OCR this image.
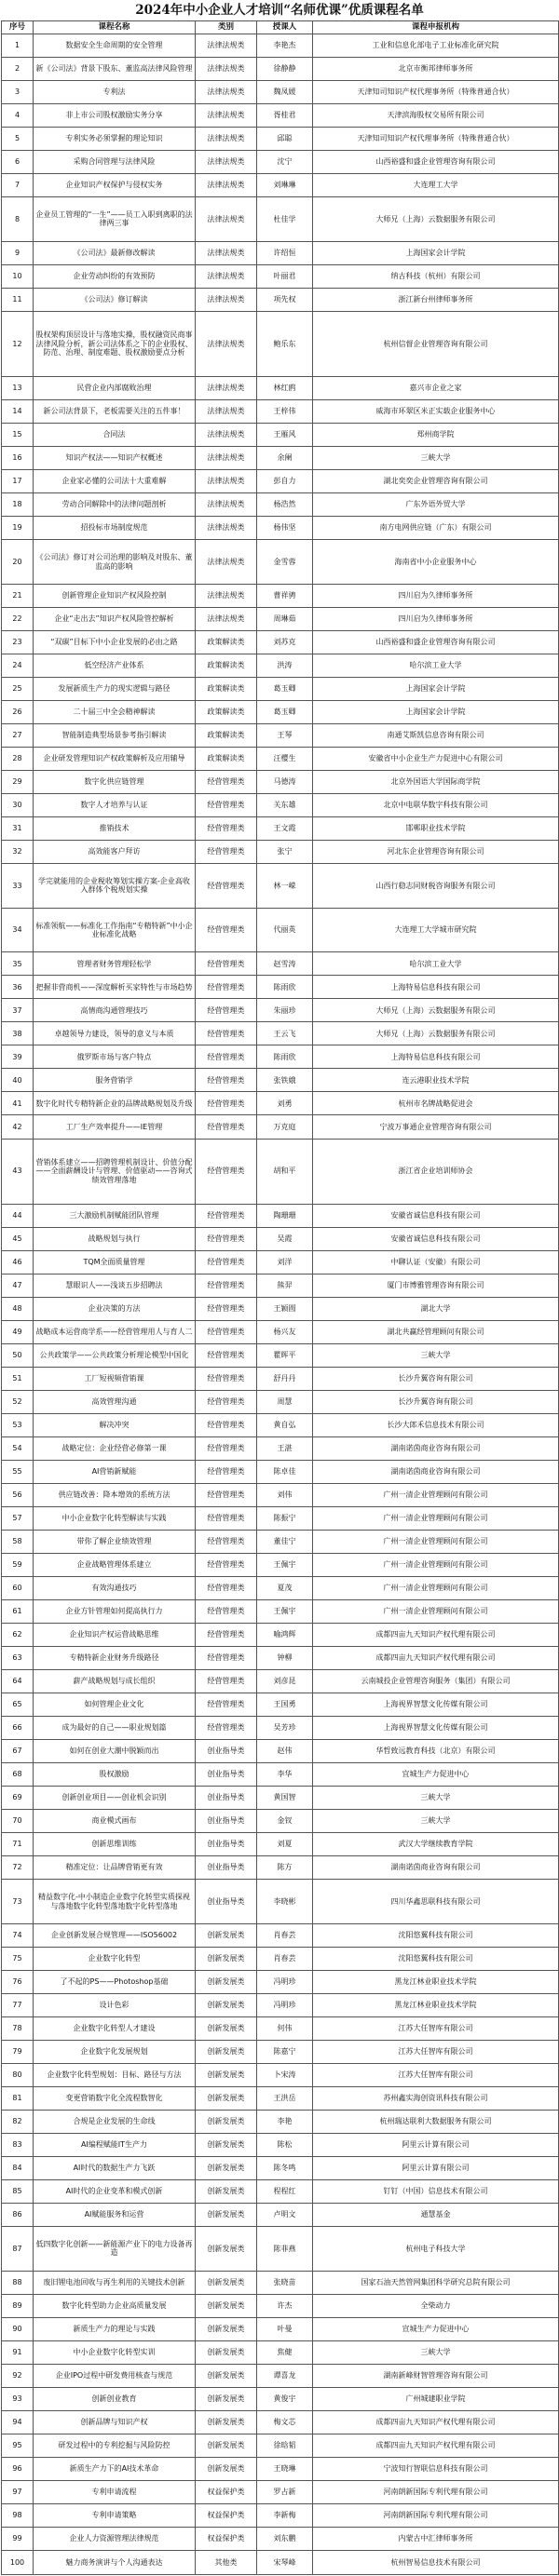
2024年中小企业人才培训“名师优课”优质课程名单
序号	课程名称	类别	授课人	课程申报机构
1	数据安全生命周期的安全管理	法律法规类	李艳杰	工业和信息化部电子工业标准化研究院
2	新《公司法》背景下股东、董监高法律风险管理	法律法规类	徐静静	北京市衡邦律师事务所
3	专利法	法律法规类	魏凤媛	天津知司知识产权代理事务所（特殊普通合伙）
4	非上市公司股权激励实务分享	法律法规类	胥桂君	天津滨海股权交易所有限公司
5	专利实务必须掌握的理论知识	法律法规类	邱聪	天津知司知识产权代理事务所（特殊普通合伙）
6	采购合同管理与法律风险	法律法规类	沈宁	山西裕盛和盛企业管理咨询有限公司
7	企业知识产权保护与侵权实务	法律法规类	刘琳琳	大连理工大学
8	企业员工管理的“一生”——员工入职到离职的法律两三事	法律法规类	杜佳学	大师兄（上海）云数据服务有限公司
9	《公司法》最新修改解读	法律法规类	许绍恒	上海国家会计学院
10	企业劳动纠纷的有效预防	法律法规类	叶丽君	纳古科技（杭州）有限公司
11	《公司法》修订解读	法律法规类	项先权	浙江新台州律师事务所
12	股权架构顶层设计与落地实操，股权融资民商事法律风险分析，新公司法体系之下的企业股权、防范、治理、制度难题、股权激励要点分析	法律法规类	鲍乐东	杭州信督企业管理咨询有限公司
13	民营企业内部腐败治理	法律法规类	林红鸥	嘉兴市企业之家
14	新公司法背景下，老板需要关注的五件事！	法律法规类	王梓伟	威海市环翠区米正实载企业服务中心
15	合同法	法律法规类	王雁风	郑州商学院
16	知识产权法——知识产权概述	法律法规类	余阑	三峡大学
17	企业家必懂的公司法十大重难解	法律法规类	彭自力	湖北奕奕企业管理咨询有限公司
18	劳动合同解除中的法律问题剖析	法律法规类	杨浩然	广东外语外贸大学
19	招投标市场制度规范	法律法规类	杨伟坚	南方电网供应链（广东）有限公司
20	《公司法》修订对公司治理的影响及对股东、董监高的影响	法律法规类	金雪蓉	海南省中小企业服务中心
21	创新管理企业知识产权风险控制	法律法规类	曹祥骋	四川启为久律师事务所
22	企业“走出去”知识产权风险管控解析	法律法规类	周琳茹	四川启为久律师事务所
23	“双碳”目标下中小企业发展的必由之路	政策解读类	刘苏克	山西裕盛和盛企业管理咨询有限公司
24	低空经济产业体系	政策解读类	洪涛	哈尔滨工业大学
25	发展新质生产力的现实逻辑与路径	政策解读类	葛玉卿	上海国家会计学院
26	二十届三中全会精神解读	政策解读类	葛玉卿	上海国家会计学院
27	智能制造典型场景参考指引解读	政策解读类	王琴	南通艾斯凯信息咨询有限公司
28	企业研发管理知识产权政策解析及应用辅导	政策解读类	汪樱生	安徽省中小企业生产力促进中心有限公司
29	数字化供应链管理	经营管理类	马德涛	北京外国语大学国际商学院
30	数字人才培养与认证	经营管理类	关东雄	北京中电联华数字科技有限公司
31	推销技术	经营管理类	王文霞	邯郸职业技术学院
32	高效能客户拜访	经营管理类	张宁	河北东企业管理咨询有限公司
33	学完就能用的企业税收筹划实操方案-企业高收入群体个税规划实操	经营管理类	林一嵘	山西行稳志同财税咨询服务有限公司
34	标准领航——标准化工作指南“专精特新”中小企业标准化战略	经营管理类	代丽英	大连理工大学城市研究院
35	管理者财务管理轻松学	经营管理类	赵雪涛	哈尔滨工业大学
36	把握非营商机——深度解析买家特性与市场趋势	经营管理类	陈雨欣	上海特易信息科技有限公司
37	高情商沟通管理技巧	经营管理类	朱丽珍	大师兄（上海）云数据服务有限公司
38	卓越领导力建设，领导的意义与本质	经营管理类	王云飞	大师兄（上海）云数据服务有限公司
39	俄罗斯市场与客户特点	经营管理类	陈雨欣	上海特易信息科技有限公司
40	服务营销学	经营管理类	张铁娥	连云港职业技术学院
41	数字化时代专精特新企业的品牌战略规划及升级	经营管理类	刘勇	杭州市名牌战略促进会
42	工厂生产效率提升——IE管理	经营管理类	万克庭	宁波万事通企业管理咨询有限公司
43	营销体系建立——招聘管理机制设计、价值分配——全面薪酬设计与管理、价值驱动——咨询式绩效管理落地	经营管理类	胡和平	浙江省企业培训师协会
44	三大激励机制赋能团队管理	经营管理类	陶珊珊	安徽省诚信息科技有限公司
45	战略规划与执行	经营管理类	吴霞	安徽省诚信息科技有限公司
46	TQM全面质量管理	经营管理类	刘洋	中聊认证（安徽）有限公司
47	慧眼识人——浅谈五步招聘法	经营管理类	熊羿	厦门市博雅管理咨询有限公司
48	企业决策的方法	经营管理类	王颖圆	湖北大学
49	战略成本运营商学系——经营管理用人与育人二	经营管理类	杨兴友	湖北共赢经管理顾问有限公司
50	公共政策学——公共政策分析理论模型中国化	经营管理类	瞿晖平	三峡大学
51	工厂短视频营销课	经营管理类	舒丹丹	长沙升翼咨询有限公司
52	高效管理沟通	经营管理类	周慧	长沙升翼咨询有限公司
53	解决冲突	经营管理类	黄自弘	长沙大郎禾信息技术有限公司
54	战略定位：企业经营必修第一课	经营管理类	王湛	湖南诺茵商业咨询有限公司
55	AI营销新赋能	经营管理类	陈卓佳	湖南诺茵商业咨询有限公司
56	供应链改善：降本增效的系统方法	经营管理类	刘伟	广州一清企业管理顾问有限公司
57	中小企业数字化转型解读与实践	经营管理类	陈振宁	广州一清企业管理顾问有限公司
58	带你了解企业绩效管理	经营管理类	董佳宁	广州一清企业管理顾问有限公司
59	企业战略管理体系建立	经营管理类	王佩宇	广州一清企业管理顾问有限公司
60	有效沟通技巧	经营管理类	夏茂	广州一清企业管理顾问有限公司
61	企业方针管理如何提高执行力	经营管理类	王佩宇	广州一清企业管理顾问有限公司
62	企业知识产权运营战略思维	经营管理类	喻鸿辉	成都四亩九天知识产权代理有限公司
63	专精特新企业财务升级路径	经营管理类	钟柳	成都四亩九天知识产权代理有限公司
64	薪产战略规划与成长组织	经营管理类	刘彦昆	云南城投企业管理咨询服务（集团）有限公司
65	如何管理企业文化	经营管理类	王国勇	上海视界智慧文化传媒有限公司
66	成为最好的自己——职业规划篇	经营管理类	吴芳珍	上海视界智慧文化传媒有限公司
67	如何在创业大潮中脱颖而出	创业指导类	赵伟	华哲致远教育科技（北京）有限公司
68	股权激励	创业指导类	李华	宜城生产力促进中心
69	创新创业项目——创业机会识别	创业指导类	黄国智	三峡大学
70	商业模式画布	创业指导类	金钗	三峡大学
71	创新思维训练	创业指导类	刘夏	武汉大学继续教育学院
72	精准定位：让品牌营销更有效	创业指导类	陈方	湖南诺茵商业咨询有限公司
73	精益数字化-中小制造企业数字化转型实质探视与落地数字化转型落地数字化转型落地	创业指导类	李晓彬	四川华鑫思联科技有限公司
74	企业创新发展合规管理——ISO56002	创新发展类	肖春芸	沈阳悠翼科技有限公司
75	企业数字化转型	创新发展类	肖春芸	沈阳悠翼科技有限公司
76	了不起的PS——Photoshop基础	创新发展类	冯明珍	黑龙江林业职业技术学院
77	设计色彩	创新发展类	冯明珍	黑龙江林业职业技术学院
78	企业数字化转型人才建设	创新发展类	何伟	江苏大任智库有限公司
79	企业数字化发展规划	创新发展类	陈嘉宁	江苏大任智库有限公司
80	企业数字化转型规划：目标、路径与方法	创新发展类	卜宋涛	江苏大任智库有限公司
81	变更营销数字化全流程数智化	创新发展类	王洪岳	苏州鑫实海创资讯科技有限公司
82	合规是企业发展的生命线	创新发展类	李艳	杭州瑞达联利大数据服务有限公司
83	AI编程赋能IT生产力	创新发展类	陈松	阿里云计算有限公司
84	AI时代的数据生产力飞跃	创新发展类	陈冬鸣	阿里云计算有限公司
85	AI时代的企业变革和模式创新	创新发展类	程程红	钉钉（中国）信息技术有限公司
86	AI赋能服务和运营	创新发展类	卢明文	通慧基金
87	低四数字化创新——新能源产业下的电力设备再造	创新发展类	陈菲燕	杭州电子科技大学
88	废旧锂电池回收与再生利用的关键技术创新	创新发展类	张晓苗	国家石油天然管网集团科学研究总院有限公司
89	数字化转型助力企业高质量发展	创新发展类	许杰	全柴动力
90	新质生产力的理论与实践	创新发展类	叶曼	宣城生产力促进中心
91	中小企业数字化转型实训	创新发展类	焦健	三峡大学
92	企业IPO过程中研发费用核查与规范	创新发展类	谭喜龙	湖南新峰财智管理咨询有限公司
93	创新创业教育	创新发展类	黄俊宇	广州城建职业学院
94	创新品牌与知识产权	创新发展类	梅文芯	成都四亩九天知识产权代理有限公司
95	研发过程中的专利挖掘与风险防控	创新发展类	徐晗韬	成都四亩九天知识产权代理有限公司
96	新质生产力下的AI技术革命	创新发展类	王晓琳	宁波知行智联信息科技有限公司
97	专利申请流程	权益保护类	罗占新	河南朗新国际专利代理有限公司
98	专利申请策略	权益保护类	李新梅	河南朗新国际专利代理有限公司
99	企业人力资源管理法律规范	权益保护类	刘东鹏	内蒙古中汇律师事务所
100	魅力商务演讲与个人沟通表达	其他类	宋琴峰	杭州智易信息技术有限公司
